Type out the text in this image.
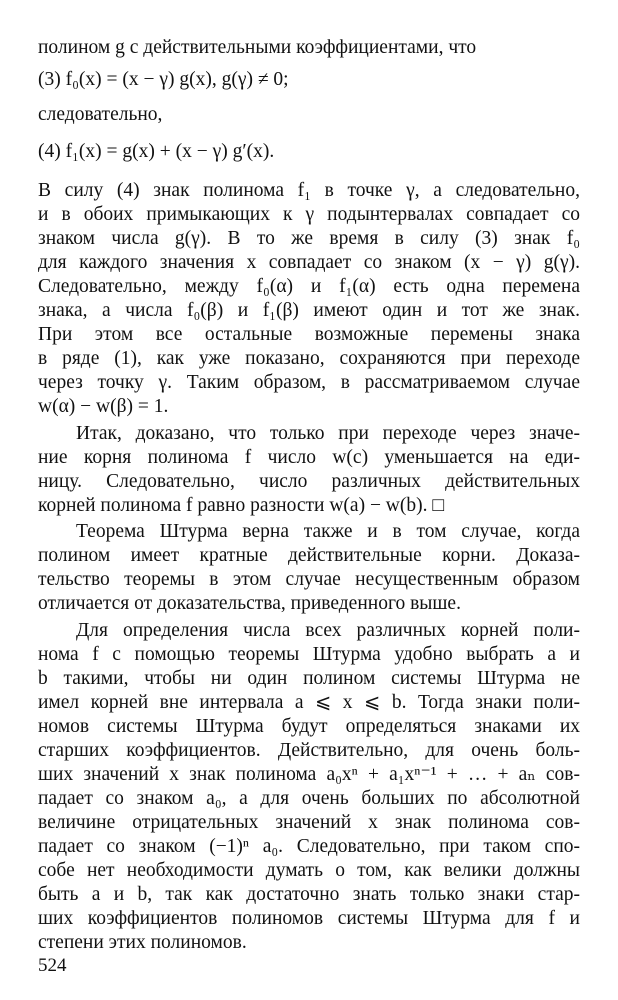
полином g с действительными коэффициентами, что
(3) f₀(x) = (x − γ) g(x), g(γ) ≠ 0;
следовательно,
(4) f₁(x) = g(x) + (x − γ) g′(x).
В силу (4) знак полинома f₁ в точке γ, а следовательно,
и в обоих примыкающих к γ подынтервалах совпадает со
знаком числа g(γ). В то же время в силу (3) знак f₀
для каждого значения x совпадает со знаком (x − γ) g(γ).
Следовательно, между f₀(α) и f₁(α) есть одна перемена
знака, а числа f₀(β) и f₁(β) имеют один и тот же знак.
При этом все остальные возможные перемены знака
в ряде (1), как уже показано, сохраняются при переходе
через точку γ. Таким образом, в рассматриваемом случае
w(α) − w(β) = 1.
Итак, доказано, что только при переходе через значе-
ние корня полинома f число w(c) уменьшается на еди-
ницу. Следовательно, число различных действительных
корней полинома f равно разности w(a) − w(b). □
Теорема Штурма верна также и в том случае, когда
полином имеет кратные действительные корни. Доказа-
тельство теоремы в этом случае несущественным образом
отличается от доказательства, приведенного выше.
Для определения числа всех различных корней поли-
нома f с помощью теоремы Штурма удобно выбрать a и
b такими, чтобы ни один полином системы Штурма не
имел корней вне интервала a ⩽ x ⩽ b. Тогда знаки поли-
номов системы Штурма будут определяться знаками их
старших коэффициентов. Действительно, для очень боль-
ших значений x знак полинома a₀xⁿ + a₁xⁿ⁻¹ + … + aₙ сов-
падает со знаком a₀, а для очень больших по абсолютной
величине отрицательных значений x знак полинома сов-
падает со знаком (−1)ⁿ a₀. Следовательно, при таком спо-
собе нет необходимости думать о том, как велики должны
быть a и b, так как достаточно знать только знаки стар-
ших коэффициентов полиномов системы Штурма для f и
степени этих полиномов.
524
